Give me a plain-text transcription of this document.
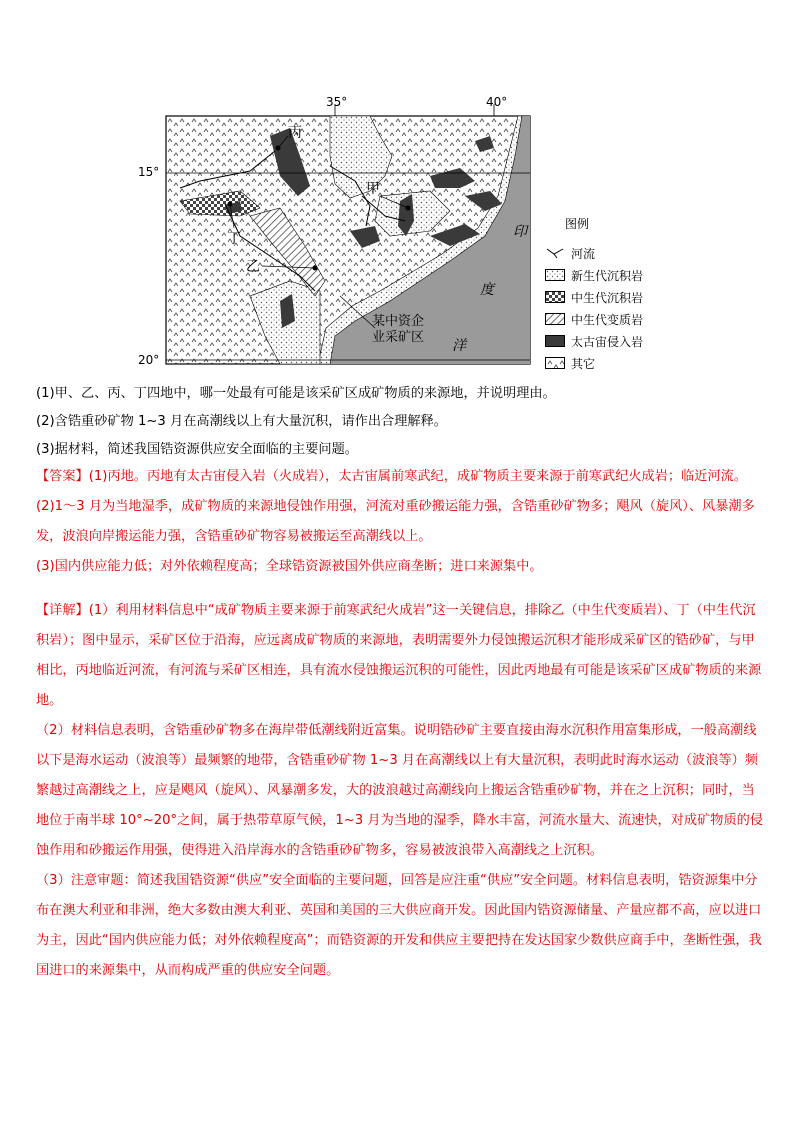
35°	40°
15°
20°
丙
甲
丁
乙
印
度
洋
某中资企
业采矿区
图例
河流
新生代沉积岩
中生代沉积岩
中生代变质岩
太古宙侵入岩
其它
(1)甲、乙、丙、丁四地中，哪一处最有可能是该采矿区成矿物质的来源地，并说明理由。
(2)含锆重砂矿物 1~3 月在高潮线以上有大量沉积，请作出合理解释。
(3)据材料，简述我国锆资源供应安全面临的主要问题。

【答案】(1)丙地。丙地有太古宙侵入岩（火成岩），太古宙属前寒武纪，成矿物质主要来源于前寒武纪火成岩；临近河流。

(2)1～3 月为当地湿季，成矿物质的来源地侵蚀作用强，河流对重砂搬运能力强，含锆重砂矿物多；飓风（旋风）、风暴潮多发，波浪向岸搬运能力强，含锆重砂矿物容易被搬运至高潮线以上。

(3)国内供应能力低；对外依赖程度高；全球锆资源被国外供应商垄断；进口来源集中。

【详解】(1）利用材料信息中“成矿物质主要来源于前寒武纪火成岩”这一关键信息，排除乙（中生代变质岩）、丁（中生代沉积岩）；图中显示，采矿区位于沿海，应远离成矿物质的来源地，表明需要外力侵蚀搬运沉积才能形成采矿区的锆砂矿，与甲相比，丙地临近河流，有河流与采矿区相连，具有流水侵蚀搬运沉积的可能性，因此丙地最有可能是该采矿区成矿物质的来源地。

（2）材料信息表明，含锆重砂矿物多在海岸带低潮线附近富集。说明锆砂矿主要直接由海水沉积作用富集形成，一般高潮线以下是海水运动（波浪等）最频繁的地带，含锆重砂矿物 1~3 月在高潮线以上有大量沉积，表明此时海水运动（波浪等）频繁越过高潮线之上，应是飓风（旋风）、风暴潮多发，大的波浪越过高潮线向上搬运含锆重砂矿物，并在之上沉积；同时，当地位于南半球 10°~20°之间，属于热带草原气候，1~3 月为当地的湿季，降水丰富，河流水量大、流速快，对成矿物质的侵蚀作用和砂搬运作用强，使得进入沿岸海水的含锆重砂矿物多，容易被波浪带入高潮线之上沉积。

（3）注意审题：简述我国锆资源“供应”安全面临的主要问题，回答是应注重“供应”安全问题。材料信息表明，锆资源集中分布在澳大利亚和非洲，绝大多数由澳大利亚、英国和美国的三大供应商开发。因此国内锆资源储量、产量应都不高，应以进口为主，因此“国内供应能力低；对外依赖程度高”；而锆资源的开发和供应主要把持在发达国家少数供应商手中，垄断性强，我国进口的来源集中，从而构成严重的供应安全问题。
